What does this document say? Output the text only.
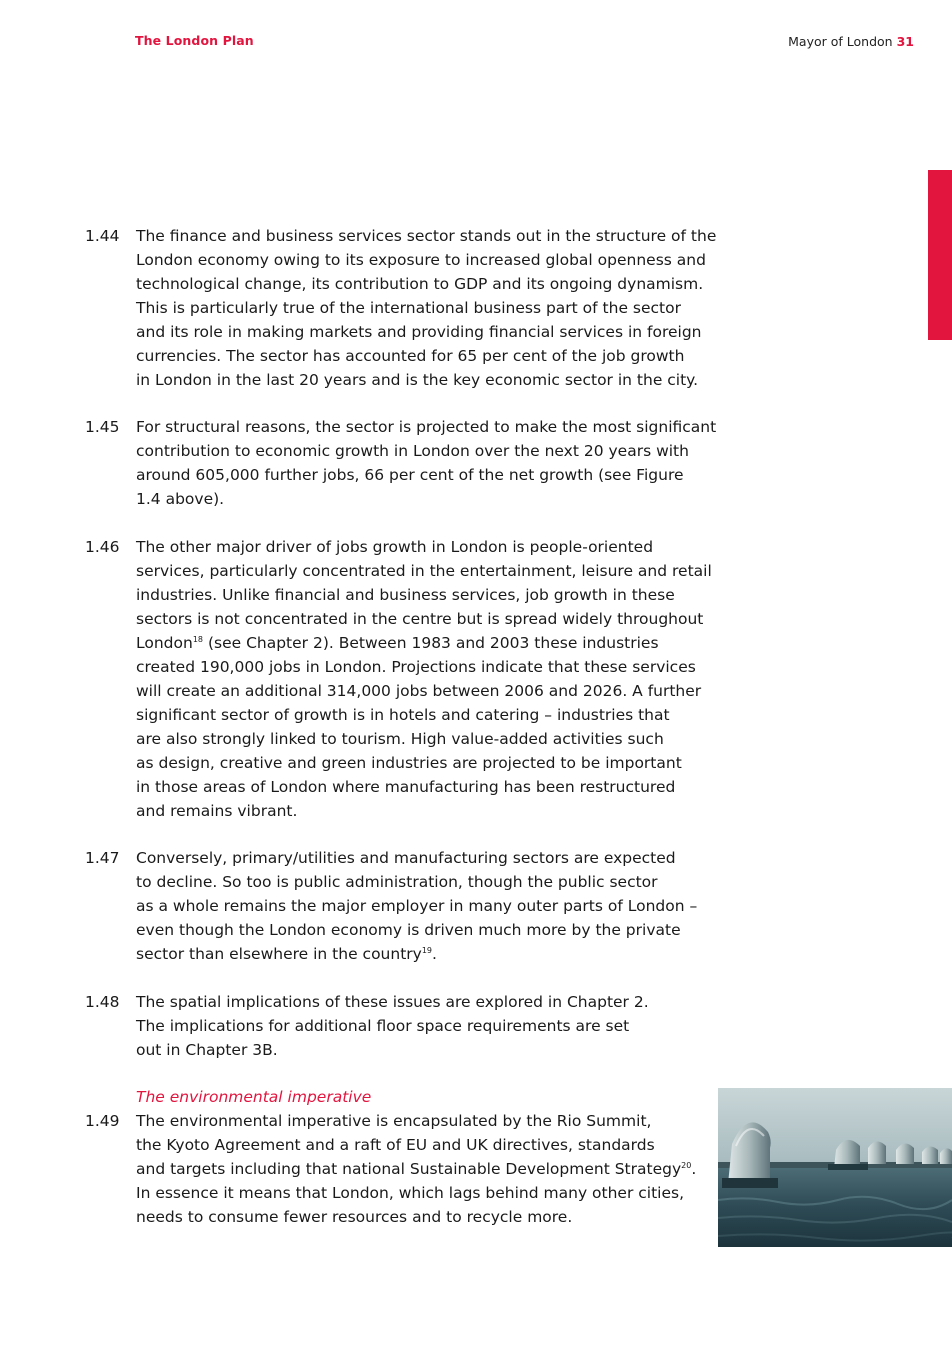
The London Plan	Mayor of London 31
1.44 The finance and business services sector stands out in the structure of the
London economy owing to its exposure to increased global openness and
technological change, its contribution to GDP and its ongoing dynamism.
This is particularly true of the international business part of the sector
and its role in making markets and providing financial services in foreign
currencies. The sector has accounted for 65 per cent of the job growth
in London in the last 20 years and is the key economic sector in the city.
1.45 For structural reasons, the sector is projected to make the most significant
contribution to economic growth in London over the next 20 years with
around 605,000 further jobs, 66 per cent of the net growth (see Figure
1.4 above).
1.46 The other major driver of jobs growth in London is people-oriented
services, particularly concentrated in the entertainment, leisure and retail
industries. Unlike financial and business services, job growth in these
sectors is not concentrated in the centre but is spread widely throughout
London$^{18}$ (see Chapter 2). Between 1983 and 2003 these industries
created 190,000 jobs in London. Projections indicate that these services
will create an additional 314,000 jobs between 2006 and 2026. A further
significant sector of growth is in hotels and catering – industries that
are also strongly linked to tourism. High value-added activities such
as design, creative and green industries are projected to be important
in those areas of London where manufacturing has been restructured
and remains vibrant.
1.47 Conversely, primary/utilities and manufacturing sectors are expected
to decline. So too is public administration, though the public sector
as a whole remains the major employer in many outer parts of London –
even though the London economy is driven much more by the private
sector than elsewhere in the country$^{19}$.
1.48 The spatial implications of these issues are explored in Chapter 2.
The implications for additional floor space requirements are set
out in Chapter 3B.
The environmental imperative
1.49 The environmental imperative is encapsulated by the Rio Summit,
the Kyoto Agreement and a raft of EU and UK directives, standards
and targets including that national Sustainable Development Strategy$^{20}$.
In essence it means that London, which lags behind many other cities,
needs to consume fewer resources and to recycle more.
